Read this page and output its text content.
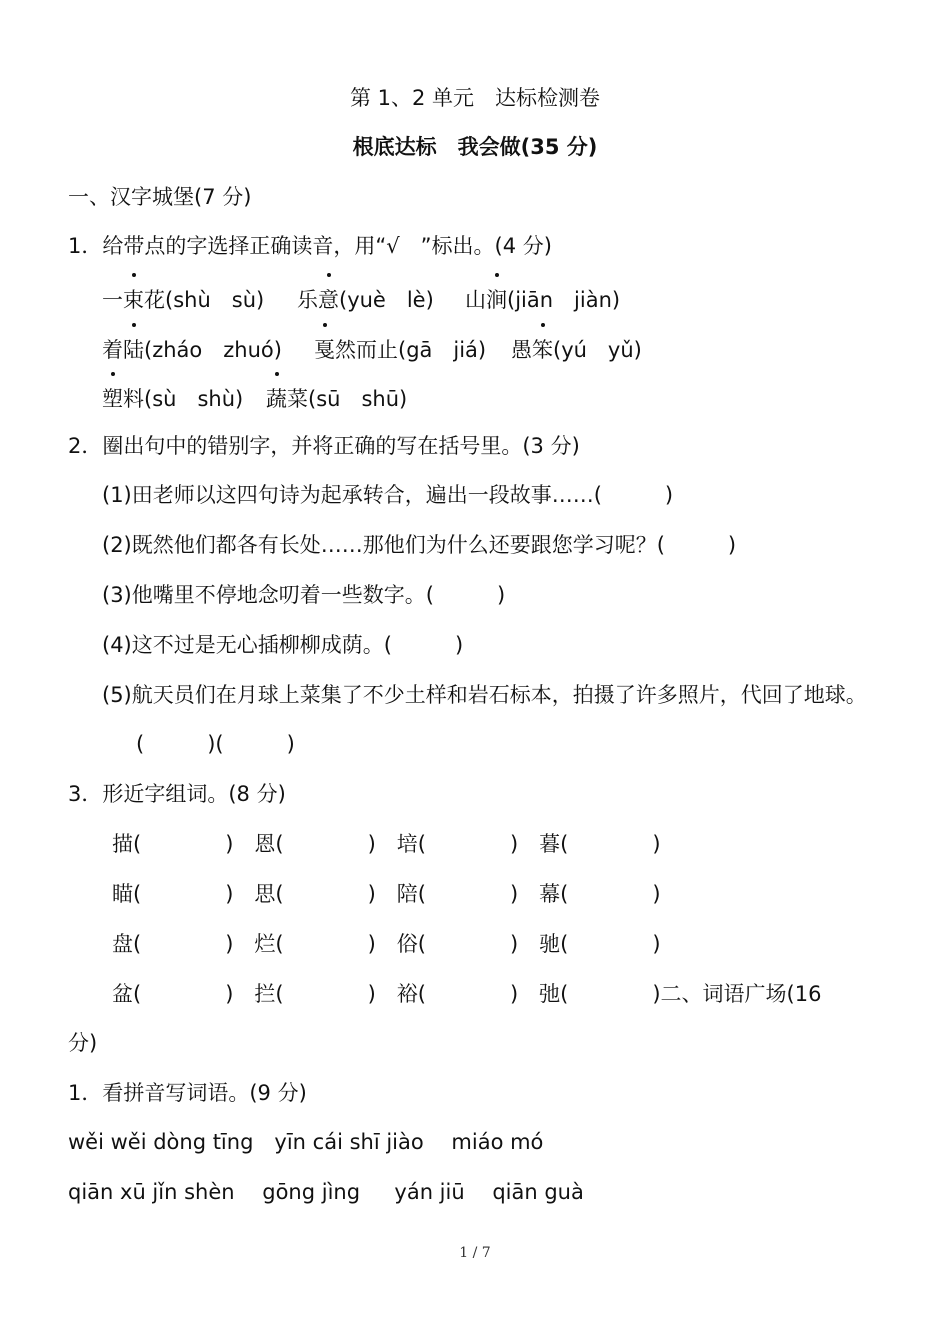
第 1、2 单元　达标检测卷
根底达标　我会做(35 分)
一、汉字城堡(7 分)
1．给带点的字选择正确读音，用“√　”标出。(4 分)
一束花(shù　sù) 乐意(yuè　lè) 山涧(jiān　jiàn)
着陆(zháo　zhuó) 戛然而止(gā　jiá) 愚笨(yú　yǔ)
塑料(sù　shù) 蔬菜(sū　shū)
2．圈出句中的错别字，并将正确的写在括号里。(3 分)
(1)田老师以这四句诗为起承转合，遍出一段故事……(　　　)
(2)既然他们都各有长处……那他们为什么还要跟您学习呢？(　　　)
(3)他嘴里不停地念叨着一些数字。(　　　)
(4)这不过是无心插柳柳成荫。(　　　)
(5)航天员们在月球上菜集了不少土样和岩石标本，拍摄了许多照片，代回了地球。
(　　　)(　　　)
3．形近字组词。(8 分)
描(　　　　)　恩(　　　　)　培(　　　　)　暮(　　　　)
瞄(　　　　)　思(　　　　)　陪(　　　　)　幕(　　　　)
盘(　　　　)　烂(　　　　)　俗(　　　　)　驰(　　　　)
盆(　　　　)　拦(　　　　)　裕(　　　　)　弛(　　　　)二、词语广场(16
分)
1．看拼音写词语。(9 分)
wěi wěi dòng tīng　yīn cái shī jiào　 miáo mó
qiān xū jǐn shèn　 gōng jìng　  yán jiū　 qiān guà
1 / 7
